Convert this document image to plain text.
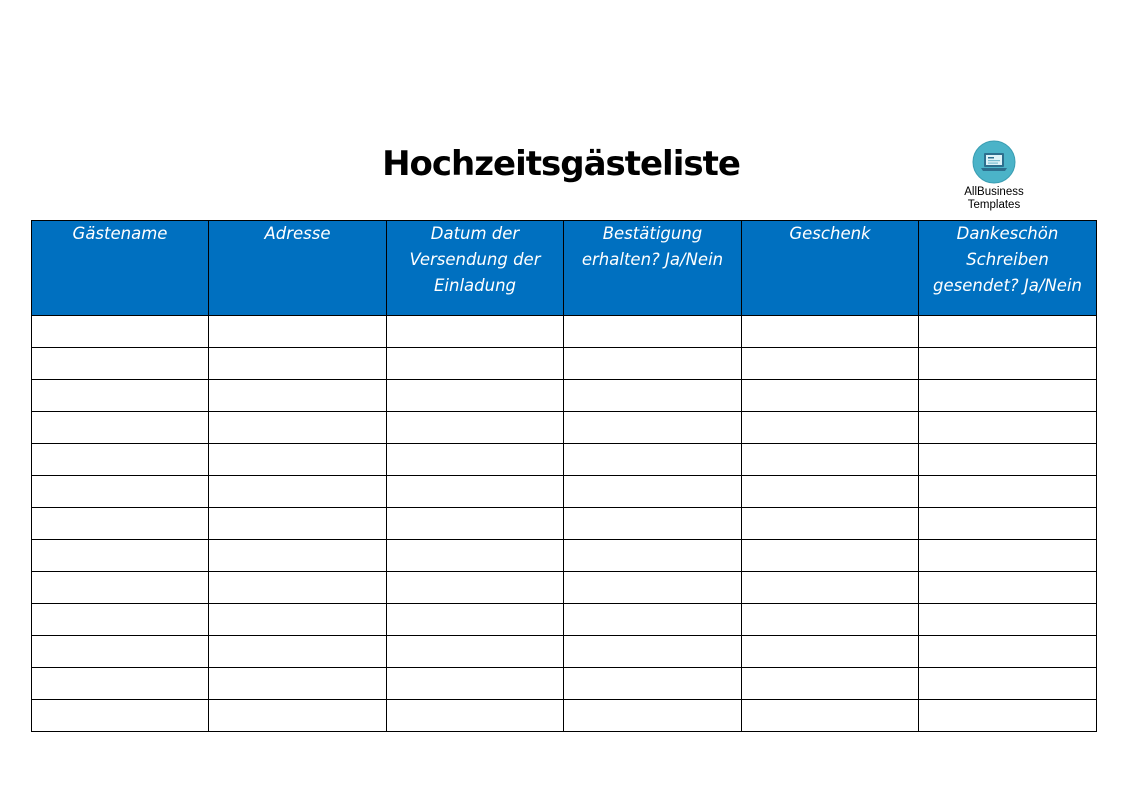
Hochzeitsgästeliste
AllBusiness
Templates
Gästename	Adresse	Datum der Versendung der Einladung	Bestätigung erhalten? Ja/Nein	Geschenk	Dankeschön Schreiben gesendet? Ja/Nein
